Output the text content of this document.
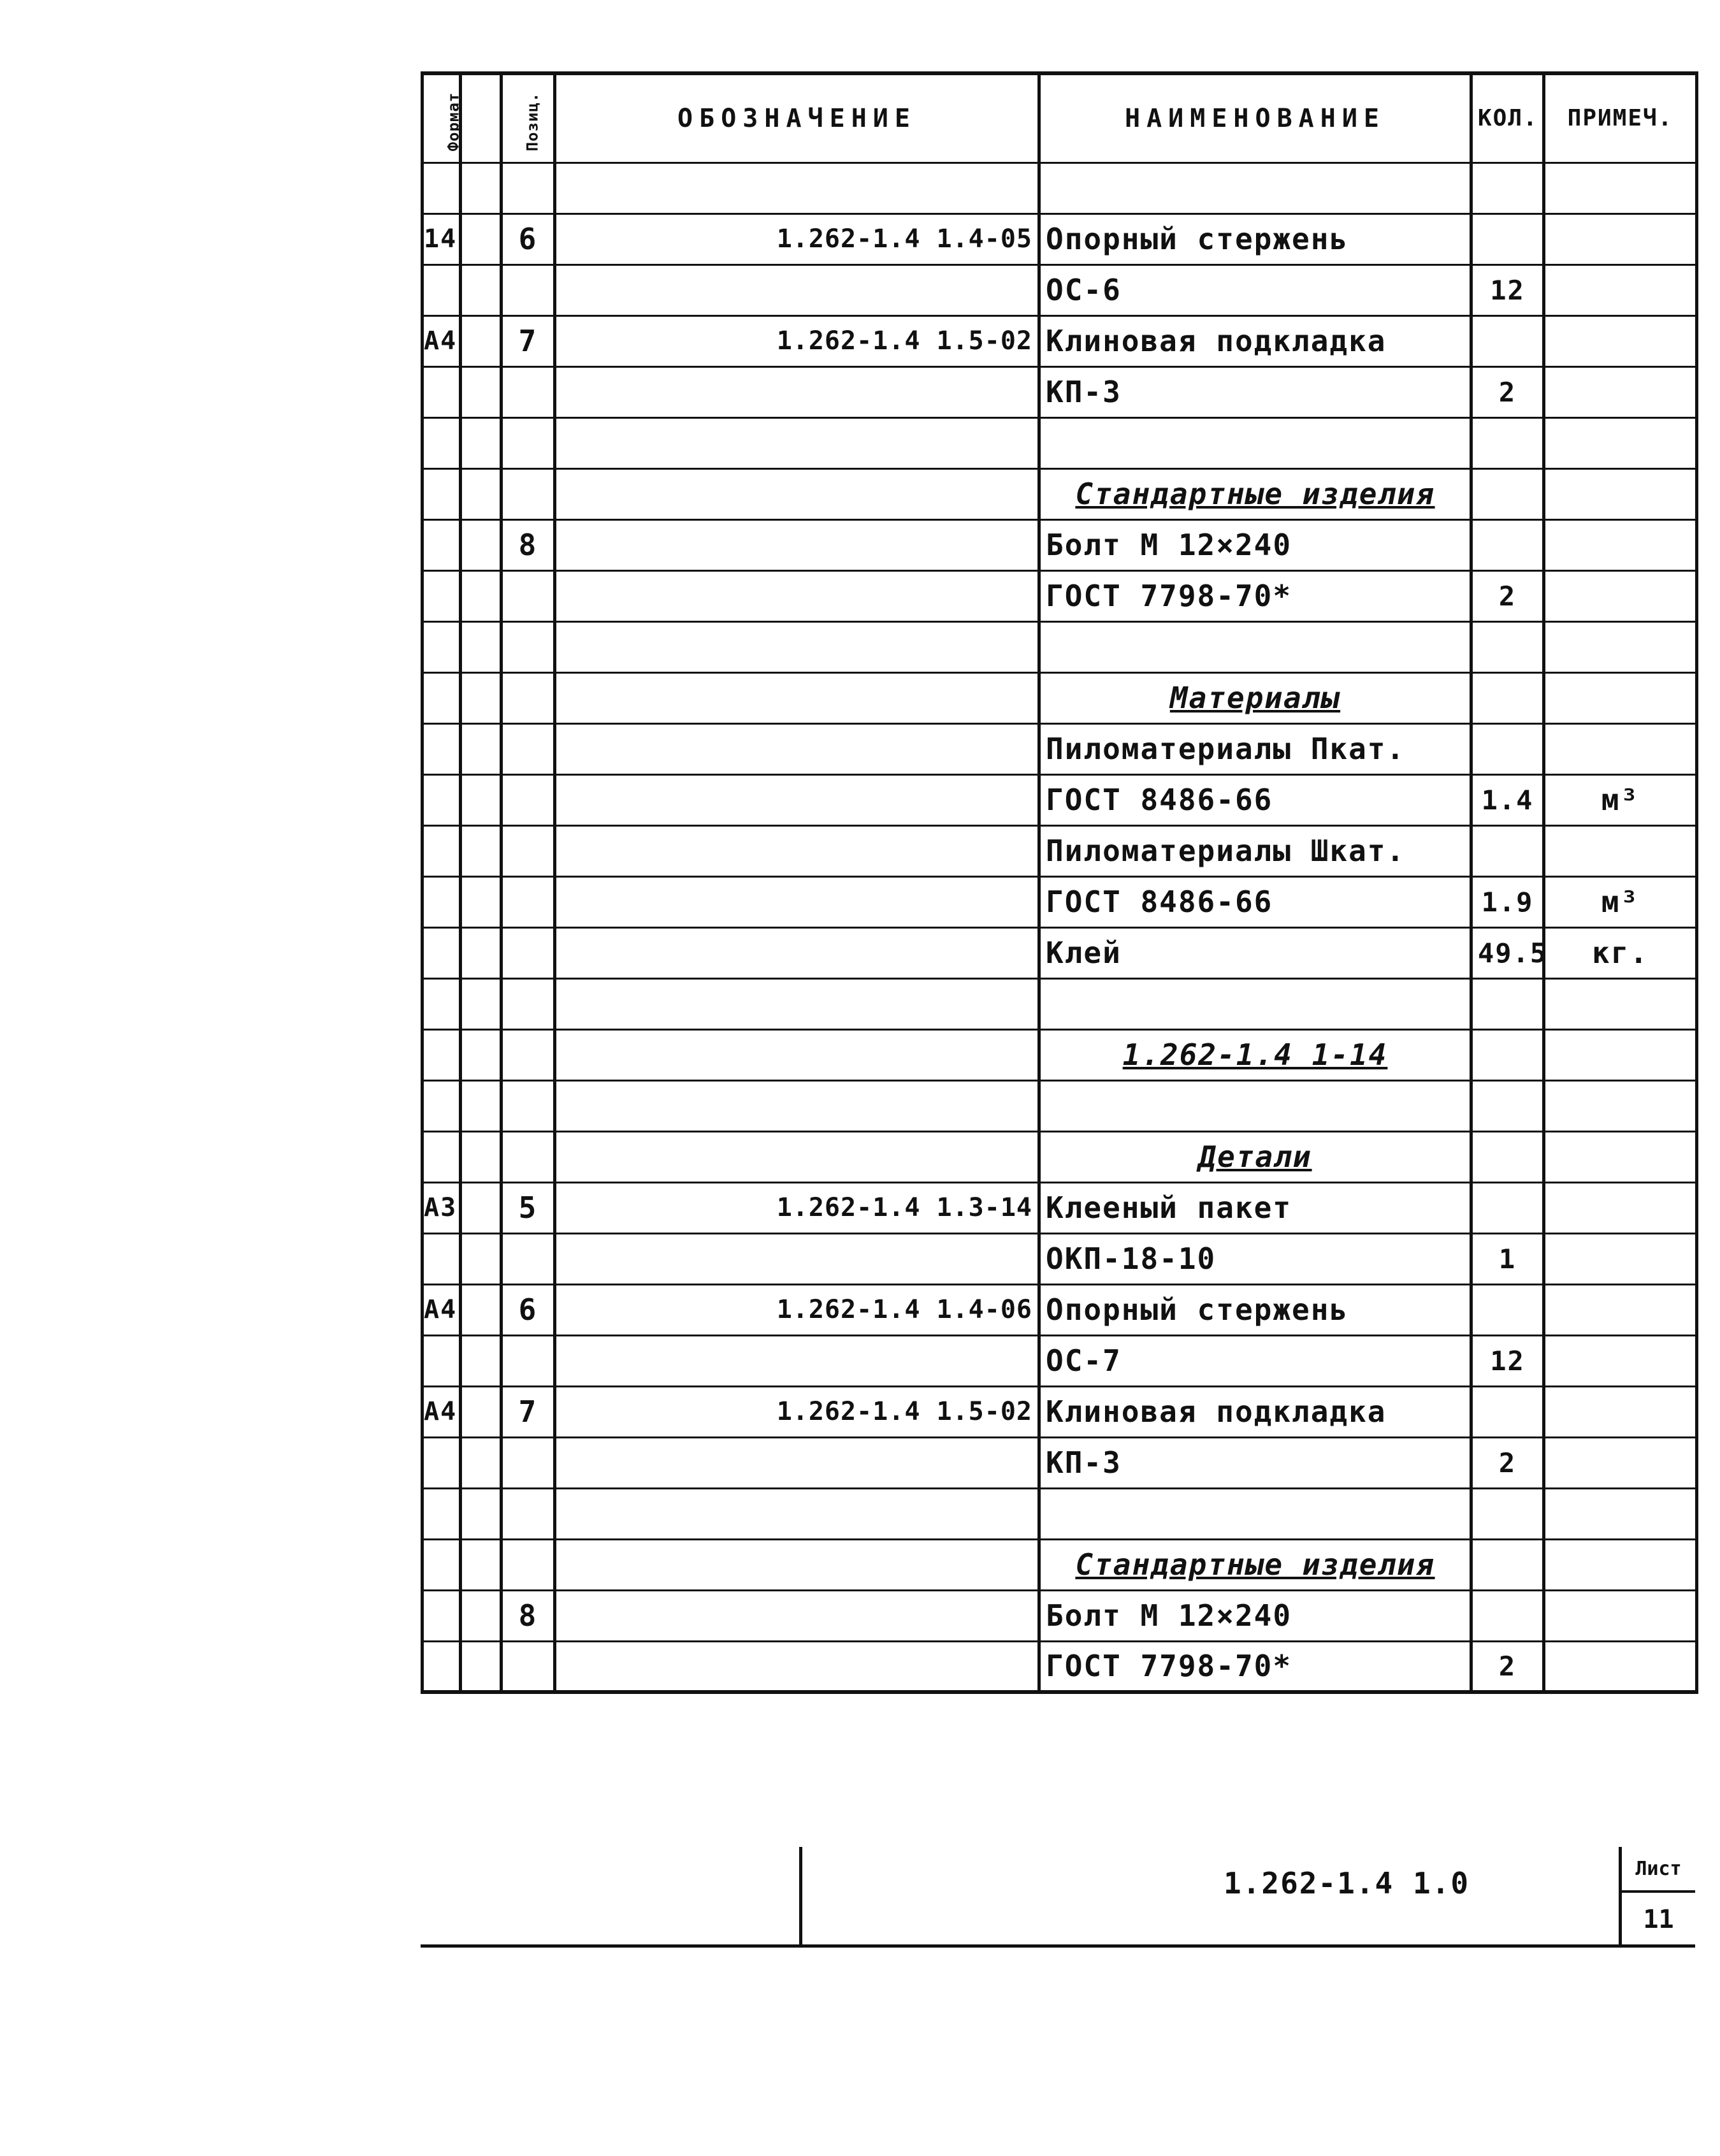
Формат		Позиц.	ОБОЗНАЧЕНИЕ	НАИМЕНОВАНИЕ	КОЛ.	ПРИМЕЧ.

14		6	1.262-1.4 1.4-05	Опорный стержень		
				ОС-6	12	
А4		7	1.262-1.4 1.5-02	Клиновая подкладка		
				КП-3	2	

				Стандартные изделия		
		8		Болт М 12×240		
				ГОСТ 7798-70*	2	

				Материалы		
				Пиломатериалы Пкат.		
				ГОСТ 8486-66	1.4	м³
				Пиломатериалы Шкат.		
				ГОСТ 8486-66	1.9	м³
				Клей	49.5	кг.

				1.262-1.4 1-14		

				Детали		
А3		5	1.262-1.4 1.3-14	Клееный пакет		
				ОКП-18-10	1	
А4		6	1.262-1.4 1.4-06	Опорный стержень		
				ОС-7	12	
А4		7	1.262-1.4 1.5-02	Клиновая подкладка		
				КП-3	2	

				Стандартные изделия		
		8		Болт М 12×240		
				ГОСТ 7798-70*	2	
1.262-1.4 1.0	Лист
11
